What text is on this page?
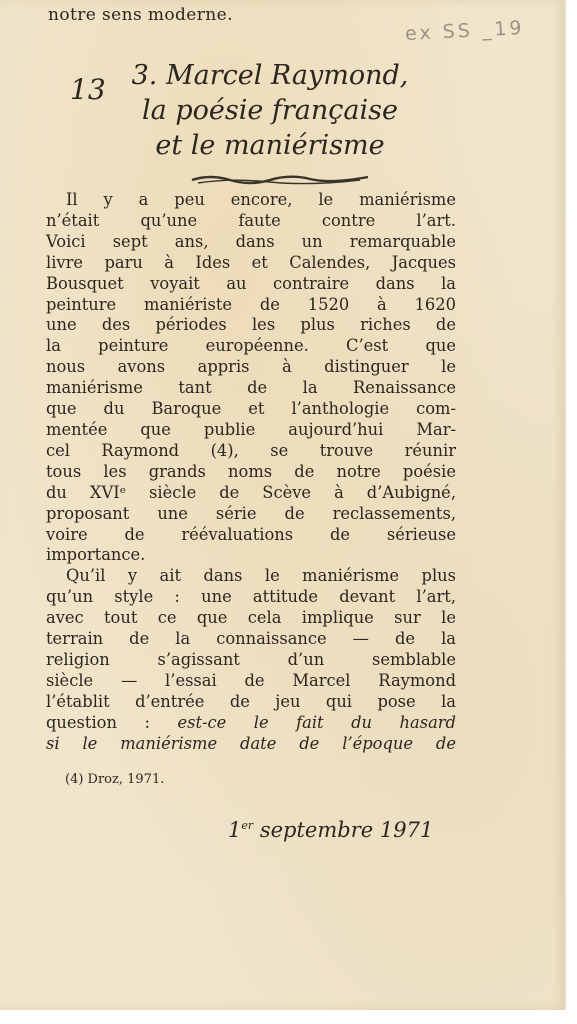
notre sens moderne.
ex SS _19
13 3. Marcel Raymond,
la poésie française
et le maniérisme
Il y a peu encore, le maniérisme
n’était qu’une faute contre l’art.
Voici sept ans, dans un remarquable
livre paru à Ides et Calendes, Jacques
Bousquet voyait au contraire dans la
peinture maniériste de 1520 à 1620
une des périodes les plus riches de
la peinture européenne. C’est que
nous avons appris à distinguer le
maniérisme tant de la Renaissance
que du Baroque et l’anthologie com-
mentée que publie aujourd’hui Mar-
cel Raymond (4), se trouve réunir
tous les grands noms de notre poésie
du XVIᵉ siècle de Scève à d’Aubigné,
proposant une série de reclassements,
voire de réévaluations de sérieuse
importance.
Qu’il y ait dans le maniérisme plus
qu’un style : une attitude devant l’art,
avec tout ce que cela implique sur le
terrain de la connaissance — de la
religion s’agissant d’un semblable
siècle — l’essai de Marcel Raymond
l’établit d’entrée de jeu qui pose la
question : est-ce le fait du hasard
si le maniérisme date de l’époque de
(4) Droz, 1971.
1er septembre 1971
